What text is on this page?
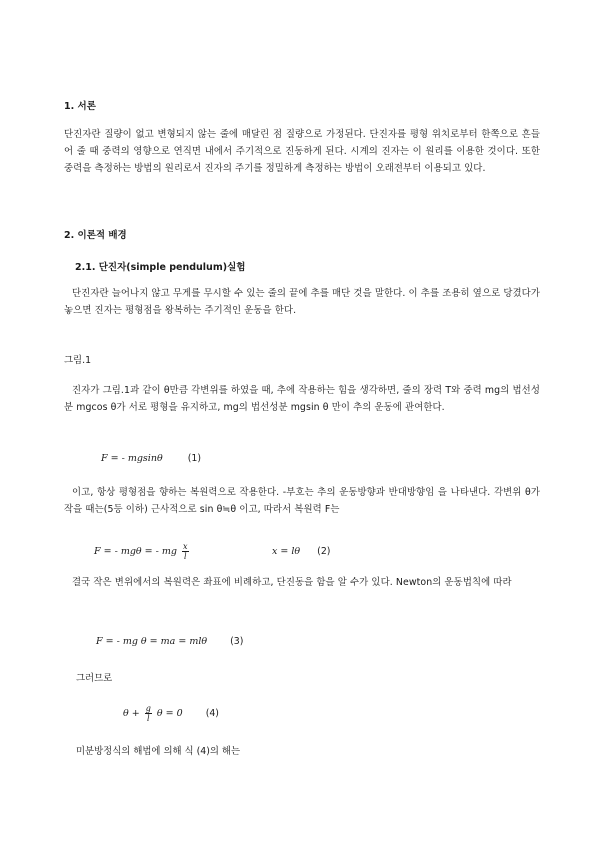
1. 서론
단진자란 질량이 없고 변형되지 않는 줄에 매달린 점 질량으로 가정된다. 단진자를 평형 위치로부터 한쪽으로 흔들어 줄 때 중력의 영향으로 연직면 내에서 주기적으로 진동하게 된다. 시계의 진자는 이 원리를 이용한 것이다. 또한 중력을 측정하는 방법의 원리로서 진자의 주기를 정밀하게 측정하는 방법이 오래전부터 이용되고 있다.
2. 이론적 배경
2.1. 단진자(simple pendulum)실험
단진자란 늘어나지 않고 무게를 무시할 수 있는 줄의 끝에 추를 매단 것을 말한다. 이 추를 조용히 옆으로 당겼다가 놓으면 진자는 평형점을 왕복하는 주기적인 운동을 한다.
그림.1
진자가 그림.1과 같이 θ만큼 각변위를 하였을 때, 추에 작용하는 힘을 생각하면, 줄의 장력 T와 중력 mg의 법선성분 mgcos θ가 서로 평형을 유지하고, mg의 법선성분 mgsin θ 만이 추의 운동에 관여한다.
F = - mgsinθ	(1)
이고, 항상 평형점을 향하는 복원력으로 작용한다. -부호는 추의 운동방향과 반대방향임 을 나타낸다. 각변위 θ가 작을 때는(5등 이하) 근사적으로 sin θ≒θ 이고, 따라서 복원력 F는
F = - mgθ = - mg $\frac{x}{l}$	x = lθ (2)
결국 작은 변위에서의 복원력은 좌표에 비례하고, 단진동을 함을 알 수가 있다. Newton의 운동법칙에 따라
F = - mg θ = ma = mlθ (3)
그러므로
$\theta + \frac{g}{l}$ θ = 0 (4)
미분방정식의 해법에 의해 식 (4)의 해는
